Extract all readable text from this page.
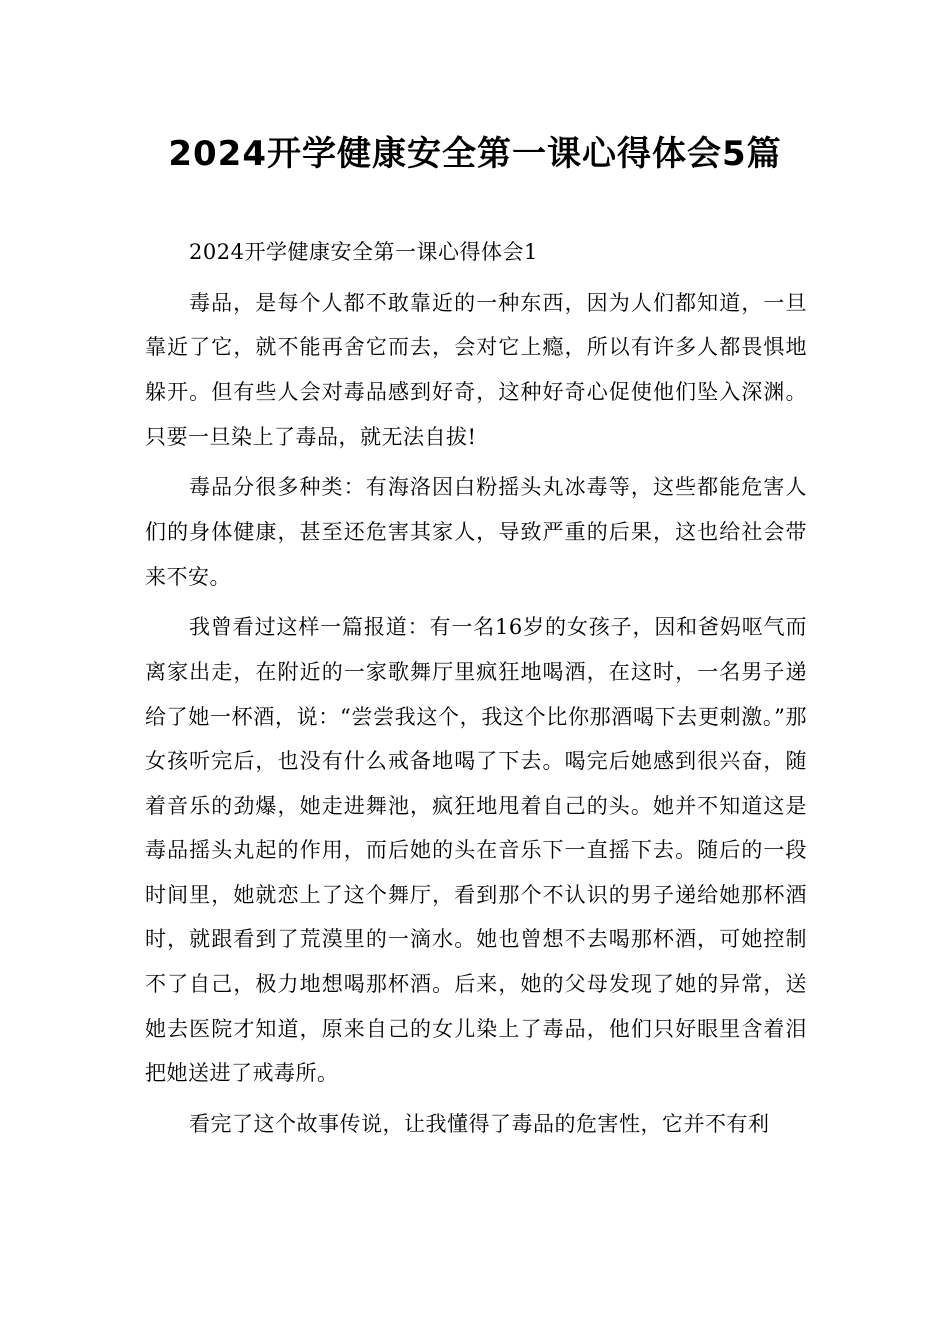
2024开学健康安全第一课心得体会5篇

2024开学健康安全第一课心得体会1

毒品，是每个人都不敢靠近的一种东西，因为人们都知道，一旦靠近了它，就不能再舍它而去，会对它上瘾，所以有许多人都畏惧地躲开。但有些人会对毒品感到好奇，这种好奇心促使他们坠入深渊。只要一旦染上了毒品，就无法自拔!

毒品分很多种类：有海洛因白粉摇头丸冰毒等，这些都能危害人们的身体健康，甚至还危害其家人，导致严重的后果，这也给社会带来不安。

我曾看过这样一篇报道：有一名16岁的女孩子，因和爸妈呕气而离家出走，在附近的一家歌舞厅里疯狂地喝酒，在这时，一名男子递给了她一杯酒，说：“尝尝我这个，我这个比你那酒喝下去更刺激。”那女孩听完后，也没有什么戒备地喝了下去。喝完后她感到很兴奋，随着音乐的劲爆，她走进舞池，疯狂地甩着自己的头。她并不知道这是毒品摇头丸起的作用，而后她的头在音乐下一直摇下去。随后的一段时间里，她就恋上了这个舞厅，看到那个不认识的男子递给她那杯酒时，就跟看到了荒漠里的一滴水。她也曾想不去喝那杯酒，可她控制不了自己，极力地想喝那杯酒。后来，她的父母发现了她的异常，送她去医院才知道，原来自己的女儿染上了毒品，他们只好眼里含着泪把她送进了戒毒所。

看完了这个故事传说，让我懂得了毒品的危害性，它并不有利
